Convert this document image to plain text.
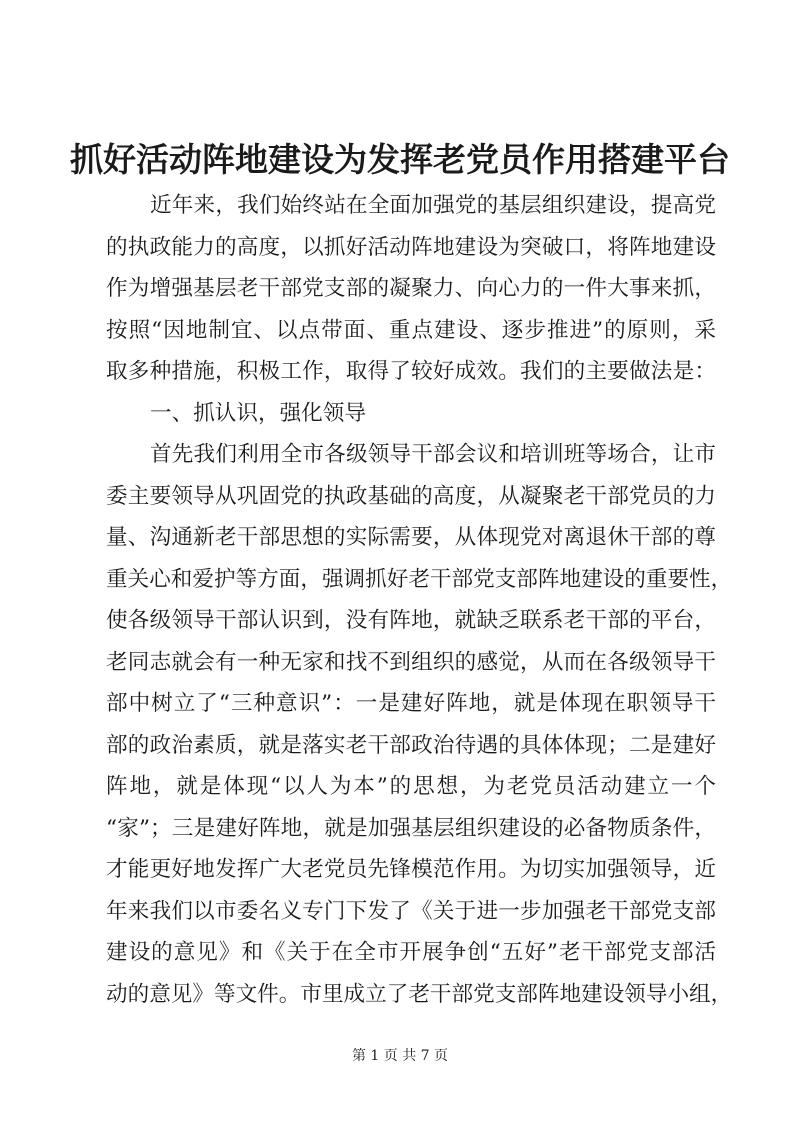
抓好活动阵地建设为发挥老党员作用搭建平台
近年来，我们始终站在全面加强党的基层组织建设，提高党
的执政能力的高度，以抓好活动阵地建设为突破口，将阵地建设
作为增强基层老干部党支部的凝聚力、向心力的一件大事来抓，
按照“因地制宜、以点带面、重点建设、逐步推进”的原则，采
取多种措施，积极工作，取得了较好成效。我们的主要做法是：
一、抓认识，强化领导
首先我们利用全市各级领导干部会议和培训班等场合，让市
委主要领导从巩固党的执政基础的高度，从凝聚老干部党员的力
量、沟通新老干部思想的实际需要，从体现党对离退休干部的尊
重关心和爱护等方面，强调抓好老干部党支部阵地建设的重要性，
使各级领导干部认识到，没有阵地，就缺乏联系老干部的平台，
老同志就会有一种无家和找不到组织的感觉，从而在各级领导干
部中树立了“三种意识”：一是建好阵地，就是体现在职领导干
部的政治素质，就是落实老干部政治待遇的具体体现；二是建好
阵地，就是体现“以人为本”的思想，为老党员活动建立一个
“家”；三是建好阵地，就是加强基层组织建设的必备物质条件，
才能更好地发挥广大老党员先锋模范作用。为切实加强领导，近
年来我们以市委名义专门下发了《关于进一步加强老干部党支部
建设的意见》和《关于在全市开展争创“五好”老干部党支部活
动的意见》等文件。市里成立了老干部党支部阵地建设领导小组，
第 1 页 共 7 页
